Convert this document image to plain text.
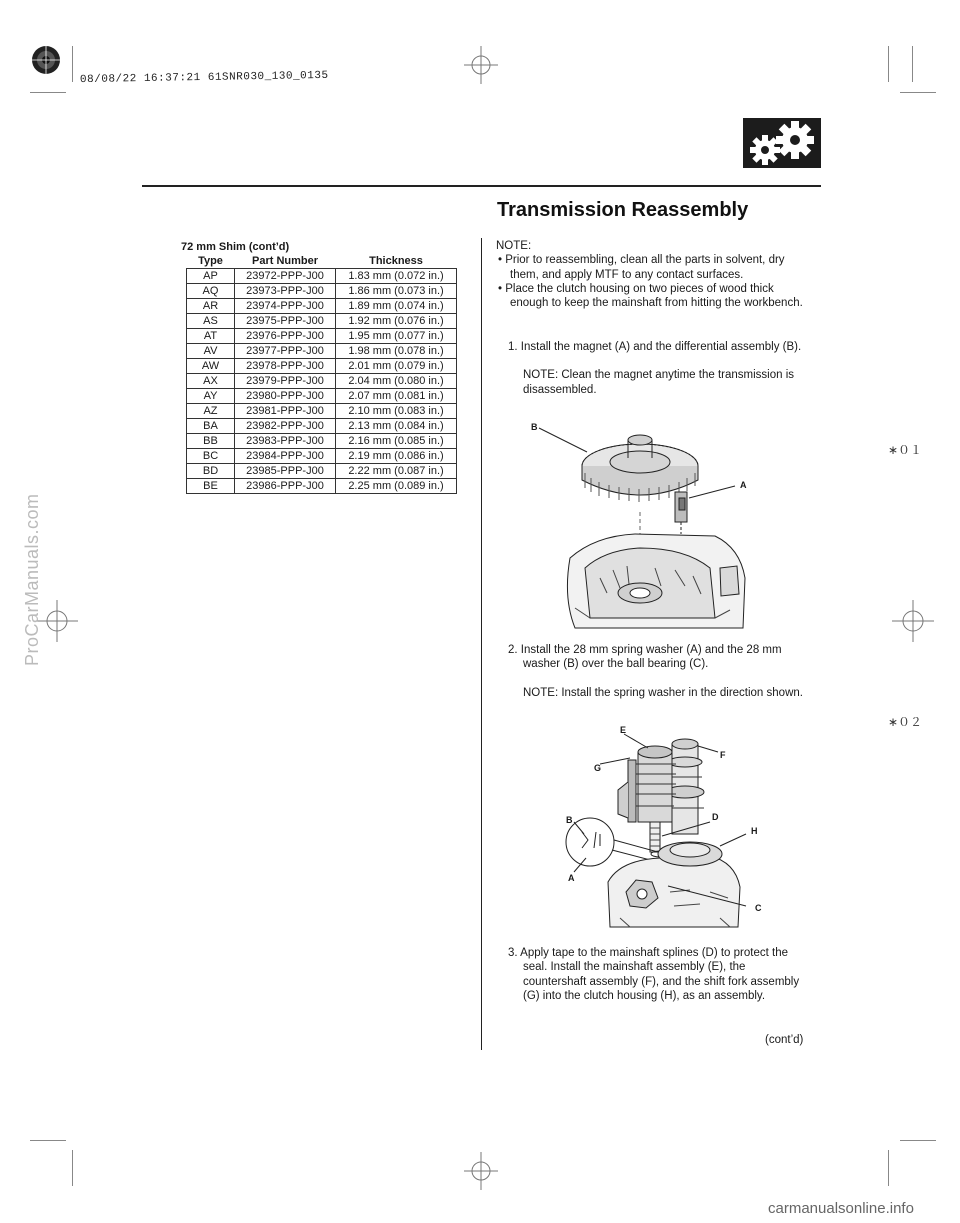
08/08/22 16:37:21 61SNR030_130_0135
Transmission Reassembly
72 mm Shim (cont’d)
Type	Part Number	Thickness
AP	23972-PPP-J00	1.83 mm (0.072 in.)
AQ	23973-PPP-J00	1.86 mm (0.073 in.)
AR	23974-PPP-J00	1.89 mm (0.074 in.)
AS	23975-PPP-J00	1.92 mm (0.076 in.)
AT	23976-PPP-J00	1.95 mm (0.077 in.)
AV	23977-PPP-J00	1.98 mm (0.078 in.)
AW	23978-PPP-J00	2.01 mm (0.079 in.)
AX	23979-PPP-J00	2.04 mm (0.080 in.)
AY	23980-PPP-J00	2.07 mm (0.081 in.)
AZ	23981-PPP-J00	2.10 mm (0.083 in.)
BA	23982-PPP-J00	2.13 mm (0.084 in.)
BB	23983-PPP-J00	2.16 mm (0.085 in.)
BC	23984-PPP-J00	2.19 mm (0.086 in.)
BD	23985-PPP-J00	2.22 mm (0.087 in.)
BE	23986-PPP-J00	2.25 mm (0.089 in.)
NOTE:
• Prior to reassembling, clean all the parts in solvent, dry them, and apply MTF to any contact surfaces.
• Place the clutch housing on two pieces of wood thick enough to keep the mainshaft from hitting the workbench.
1. Install the magnet (A) and the differential assembly (B).
NOTE: Clean the magnet anytime the transmission is disassembled.
B
A
2. Install the 28 mm spring washer (A) and the 28 mm washer (B) over the ball bearing (C).
NOTE: Install the spring washer in the direction shown.
E
F
G
B	D
H
A
C
3. Apply tape to the mainshaft splines (D) to protect the seal. Install the mainshaft assembly (E), the countershaft assembly (F), and the shift fork assembly (G) into the clutch housing (H), as an assembly.
(cont’d)
∗０１
∗０２
ProCarManuals.com
carmanualsonline.info
